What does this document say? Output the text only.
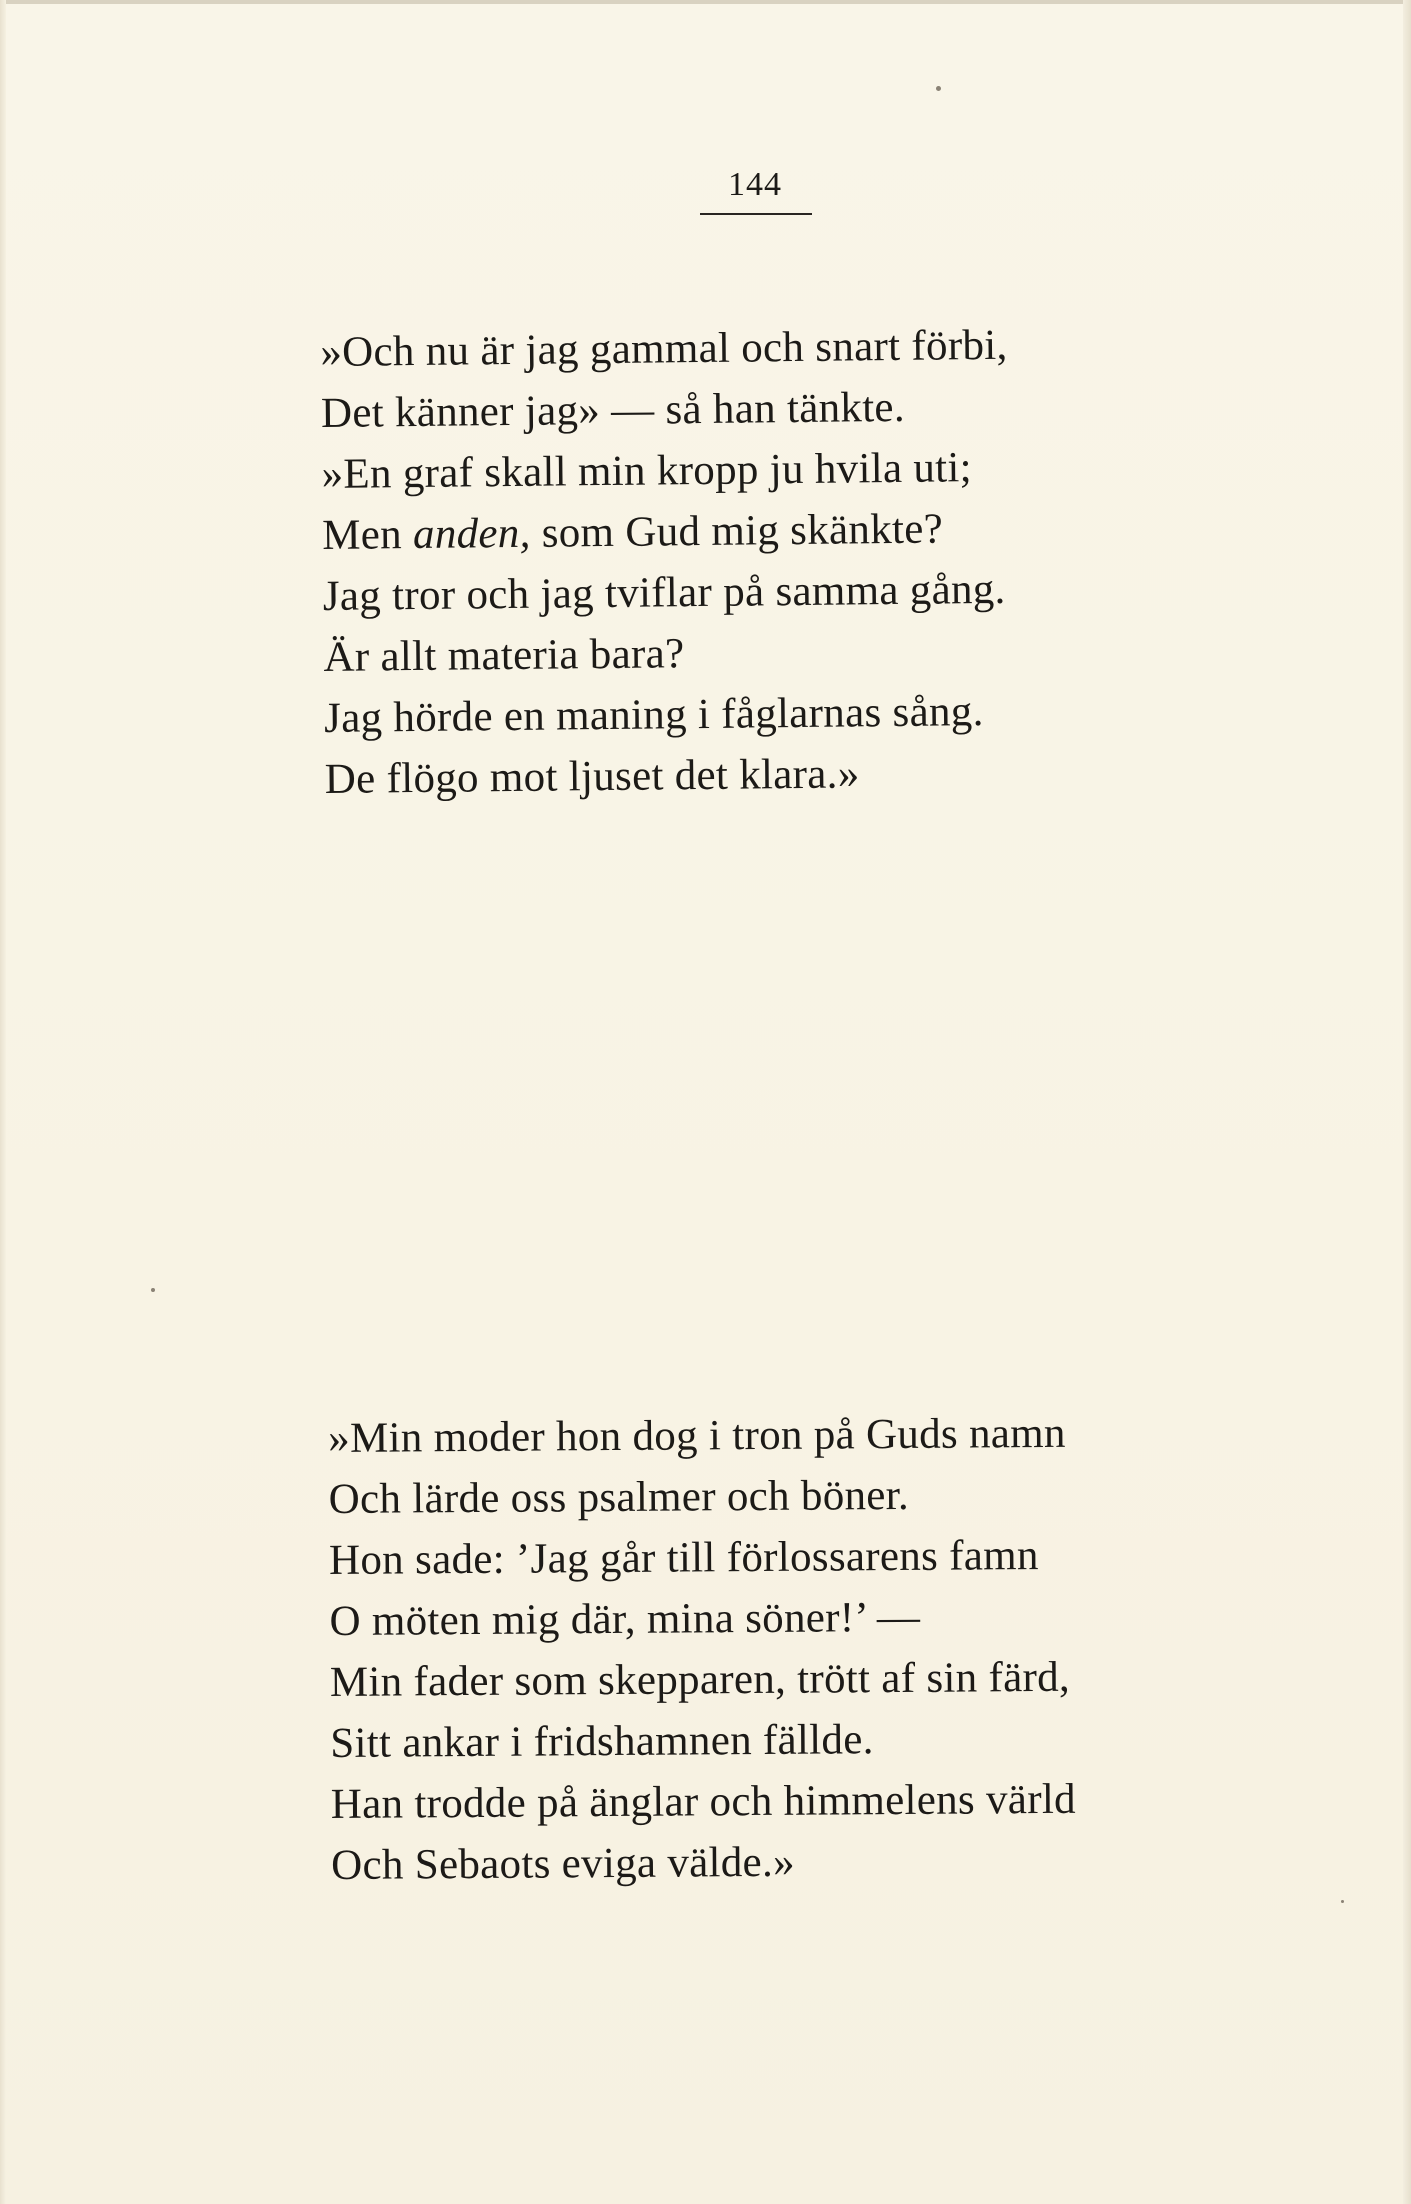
144
»Och nu är jag gammal och snart förbi,
Det känner jag» — så han tänkte.
»En graf skall min kropp ju hvila uti;
Men anden, som Gud mig skänkte?
Jag tror och jag tviflar på samma gång.
Är allt materia bara?
Jag hörde en maning i fåglarnas sång.
De flögo mot ljuset det klara.»
»Min moder hon dog i tron på Guds namn
Och lärde oss psalmer och böner.
Hon sade: ’Jag går till förlossarens famn
O möten mig där, mina söner!’ —
Min fader som skepparen, trött af sin färd,
Sitt ankar i fridshamnen fällde.
Han trodde på änglar och himmelens värld
Och Sebaots eviga välde.»
